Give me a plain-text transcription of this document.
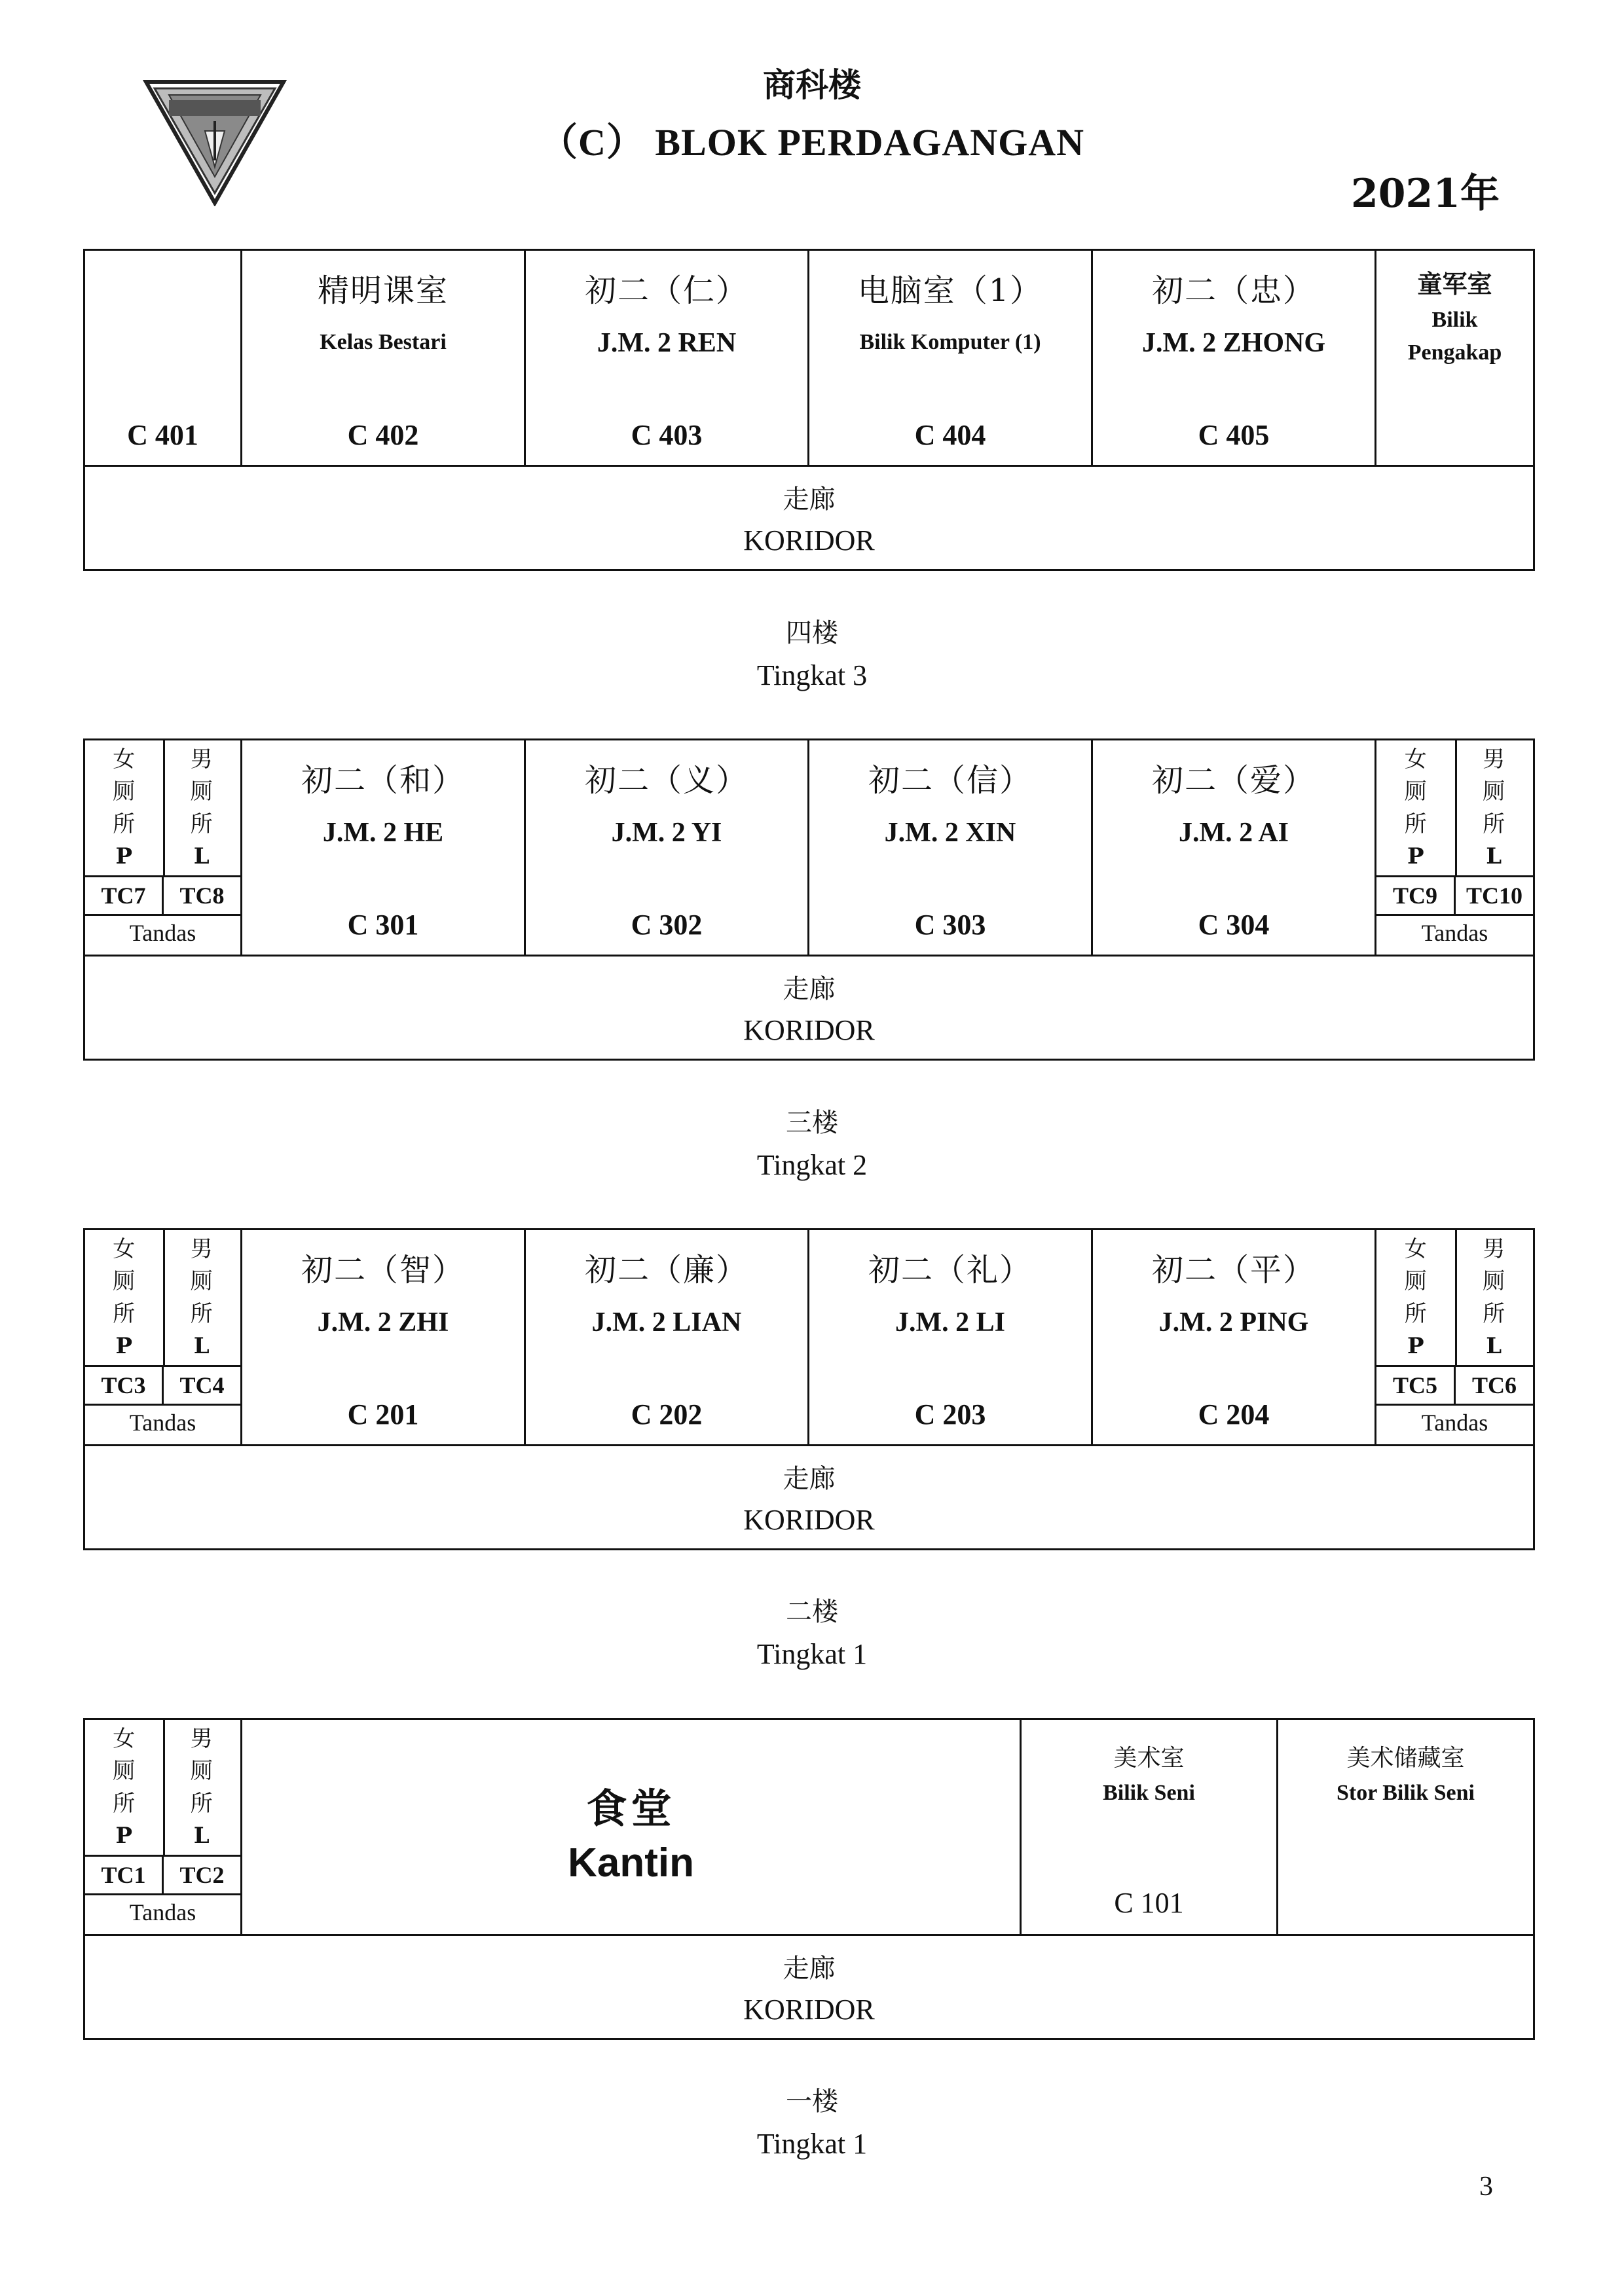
商科楼
（C） BLOK PERDAGANGAN
2021年
C 401

精明课室
Kelas Bestari
C 402

初二（仁）
J.M. 2 REN
C 403

电脑室（1）
Bilik Komputer (1)
C 404

初二（忠）
J.M. 2 ZHONG
C 405

童军室
Bilik
Pengakap

走廊
KORIDOR
四楼
Tingkat 3
女
厕
所
P
男
厕
所
L
TC7	TC8
Tandas

初二（和）
J.M. 2 HE
C 301

初二（义）
J.M. 2 YI
C 302

初二（信）
J.M. 2 XIN
C 303

初二（爱）
J.M. 2 AI
C 304

女
厕
所
P
男
厕
所
L
TC9	TC10
Tandas

走廊
KORIDOR
三楼
Tingkat 2
女
厕
所
P
男
厕
所
L
TC3	TC4
Tandas

初二（智）
J.M. 2 ZHI
C 201

初二（廉）
J.M. 2 LIAN
C 202

初二（礼）
J.M. 2 LI
C 203

初二（平）
J.M. 2 PING
C 204

女
厕
所
P
男
厕
所
L
TC5	TC6
Tandas

走廊
KORIDOR
二楼
Tingkat 1
女
厕
所
P
男
厕
所
L
TC1	TC2
Tandas

食堂
Kantin

美术室
Bilik Seni
C 101

美术储藏室
Stor Bilik Seni

走廊
KORIDOR
一楼
Tingkat 1
3
